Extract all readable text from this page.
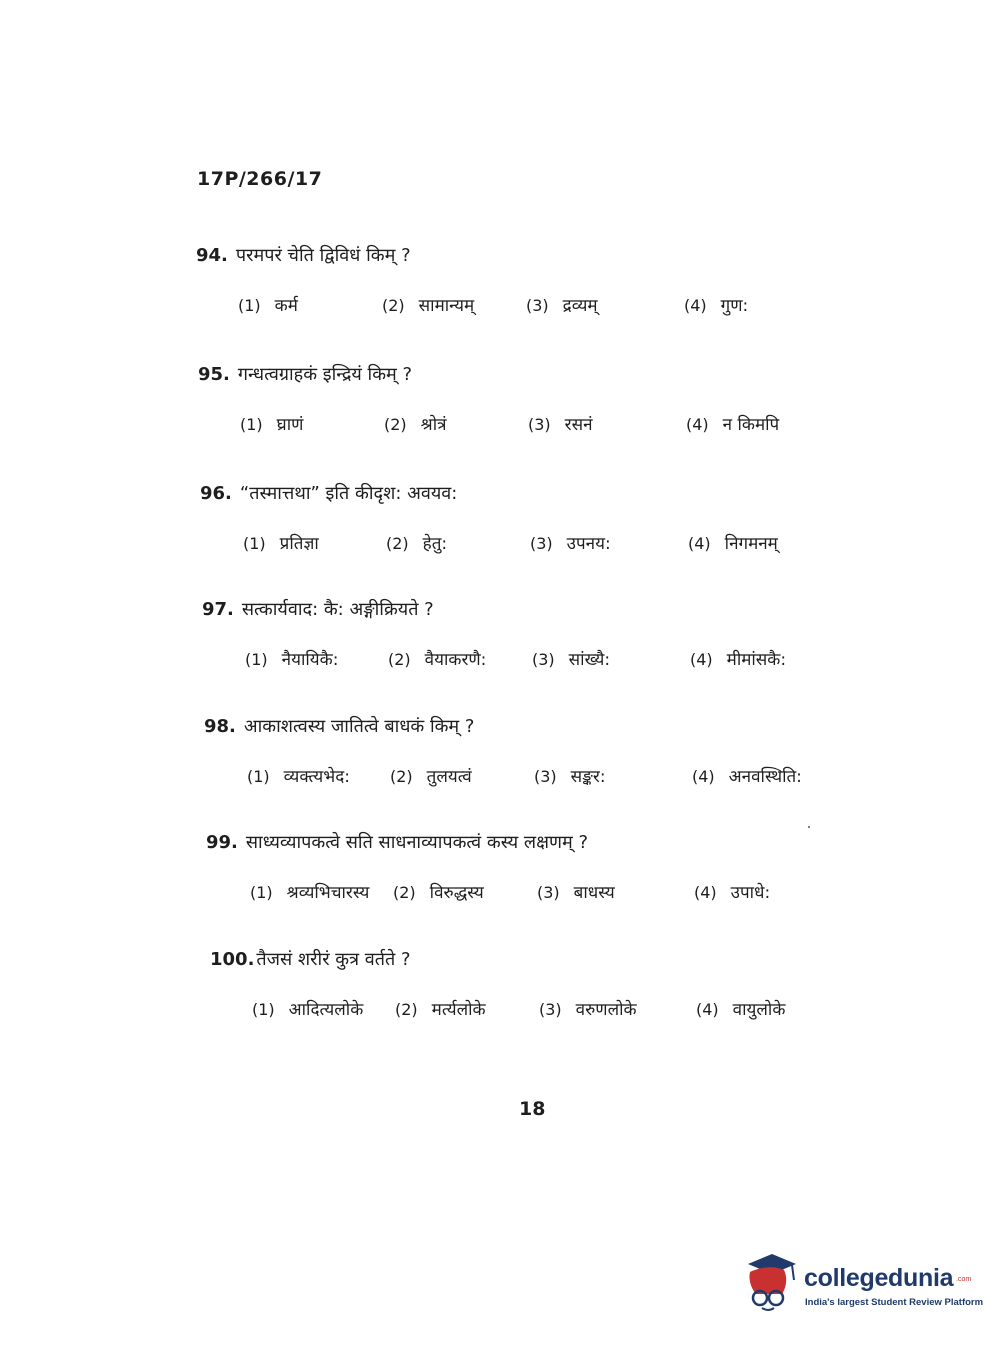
17P/266/17
94. परमपरं चेति द्विविधं किम् ?
(1) कर्म	(2) सामान्यम्	(3) द्रव्यम्	(4) गुण:
95. गन्धत्वग्राहकं इन्द्रियं किम् ?
(1) घ्राणं	(2) श्रोत्रं	(3) रसनं	(4) न किमपि
96. “तस्मात्तथा” इति कीदृश: अवयव:
(1) प्रतिज्ञा	(2) हेतु:	(3) उपनय:	(4) निगमनम्
97. सत्कार्यवाद: कै: अङ्गीक्रियते ?
(1) नैयायिकै:	(2) वैयाकरणै:	(3) सांख्यै:	(4) मीमांसकै:
98. आकाशत्वस्य जातित्वे बाधकं किम् ?
(1) व्यक्त्यभेद:	(2) तुलयत्वं	(3) सङ्कर:	(4) अनवस्थिति:
99. साध्यव्यापकत्वे सति साधनाव्यापकत्वं कस्य लक्षणम् ?
(1) श्रव्यभिचारस्य (2) विरुद्धस्य	(3) बाधस्य	(4) उपाधे:
100. तैजसं शरीरं कुत्र वर्तते ?
(1) आदित्यलोके (2) मर्त्यलोके	(3) वरुणलोके	(4) वायुलोके
18
collegedunia .com
India's largest Student Review Platform
